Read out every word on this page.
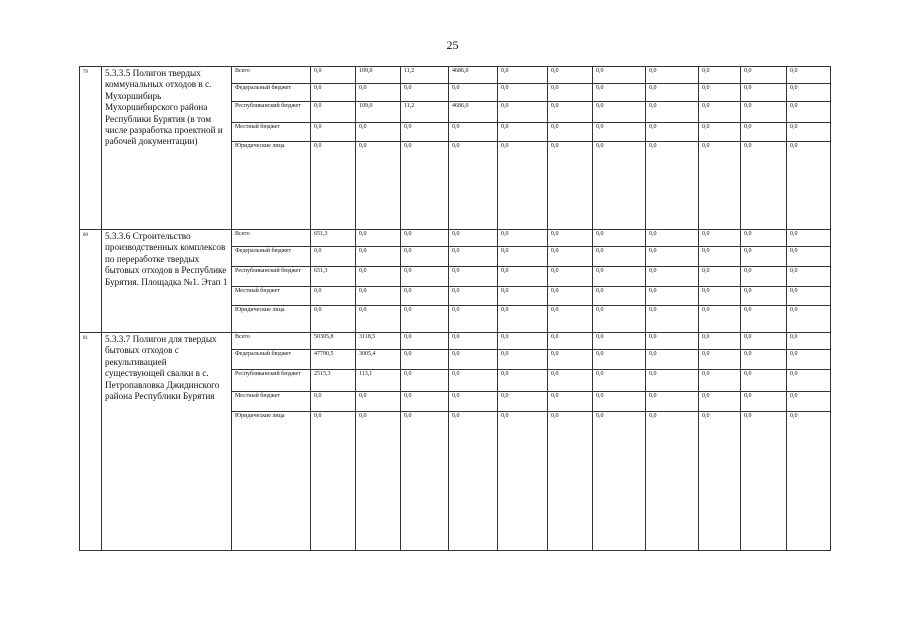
25
79	5.3.3.5 Полигон твердых коммунальных отходов в с. Мухоршибирь Мухоршибирского района Республики Бурятия (в том числе разработка проектной и рабочей документации)	Всего	0,0	109,0	11,2	4686,0	0,0	0,0	0,0	0,0	0,0	0,0	0,0
		Федеральный бюджет	0,0	0,0	0,0	0,0	0,0	0,0	0,0	0,0	0,0	0,0	0,0
		Республиканский бюджет	0,0	109,0	11,2	4686,0	0,0	0,0	0,0	0,0	0,0	0,0	0,0
		Местный бюджет	0,0	0,0	0,0	0,0	0,0	0,0	0,0	0,0	0,0	0,0	0,0
		Юридические лица	0,0	0,0	0,0	0,0	0,0	0,0	0,0	0,0	0,0	0,0	0,0
80	5.3.3.6 Строительство производственных комплексов по переработке твердых бытовых отходов в Республике Бурятия. Площадка №1. Этап 1	Всего	651,3	0,0	0,0	0,0	0,0	0,0	0,0	0,0	0,0	0,0	0,0
		Федеральный бюджет	0,0	0,0	0,0	0,0	0,0	0,0	0,0	0,0	0,0	0,0	0,0
		Республиканский бюджет	651,3	0,0	0,0	0,0	0,0	0,0	0,0	0,0	0,0	0,0	0,0
		Местный бюджет	0,0	0,0	0,0	0,0	0,0	0,0	0,0	0,0	0,0	0,0	0,0
		Юридические лица	0,0	0,0	0,0	0,0	0,0	0,0	0,0	0,0	0,0	0,0	0,0
81	5.3.3.7 Полигон для твердых бытовых отходов с рекультивацией существующей свалки в с. Петропавловка Джидинского района Республики Бурятия	Всего	50305,8	3118,5	0,0	0,0	0,0	0,0	0,0	0,0	0,0	0,0	0,0
		Федеральный бюджет	47790,5	3005,4	0,0	0,0	0,0	0,0	0,0	0,0	0,0	0,0	0,0
		Республиканский бюджет	2515,3	113,1	0,0	0,0	0,0	0,0	0,0	0,0	0,0	0,0	0,0
		Местный бюджет	0,0	0,0	0,0	0,0	0,0	0,0	0,0	0,0	0,0	0,0	0,0
		Юридические лица	0,0	0,0	0,0	0,0	0,0	0,0	0,0	0,0	0,0	0,0	0,0
